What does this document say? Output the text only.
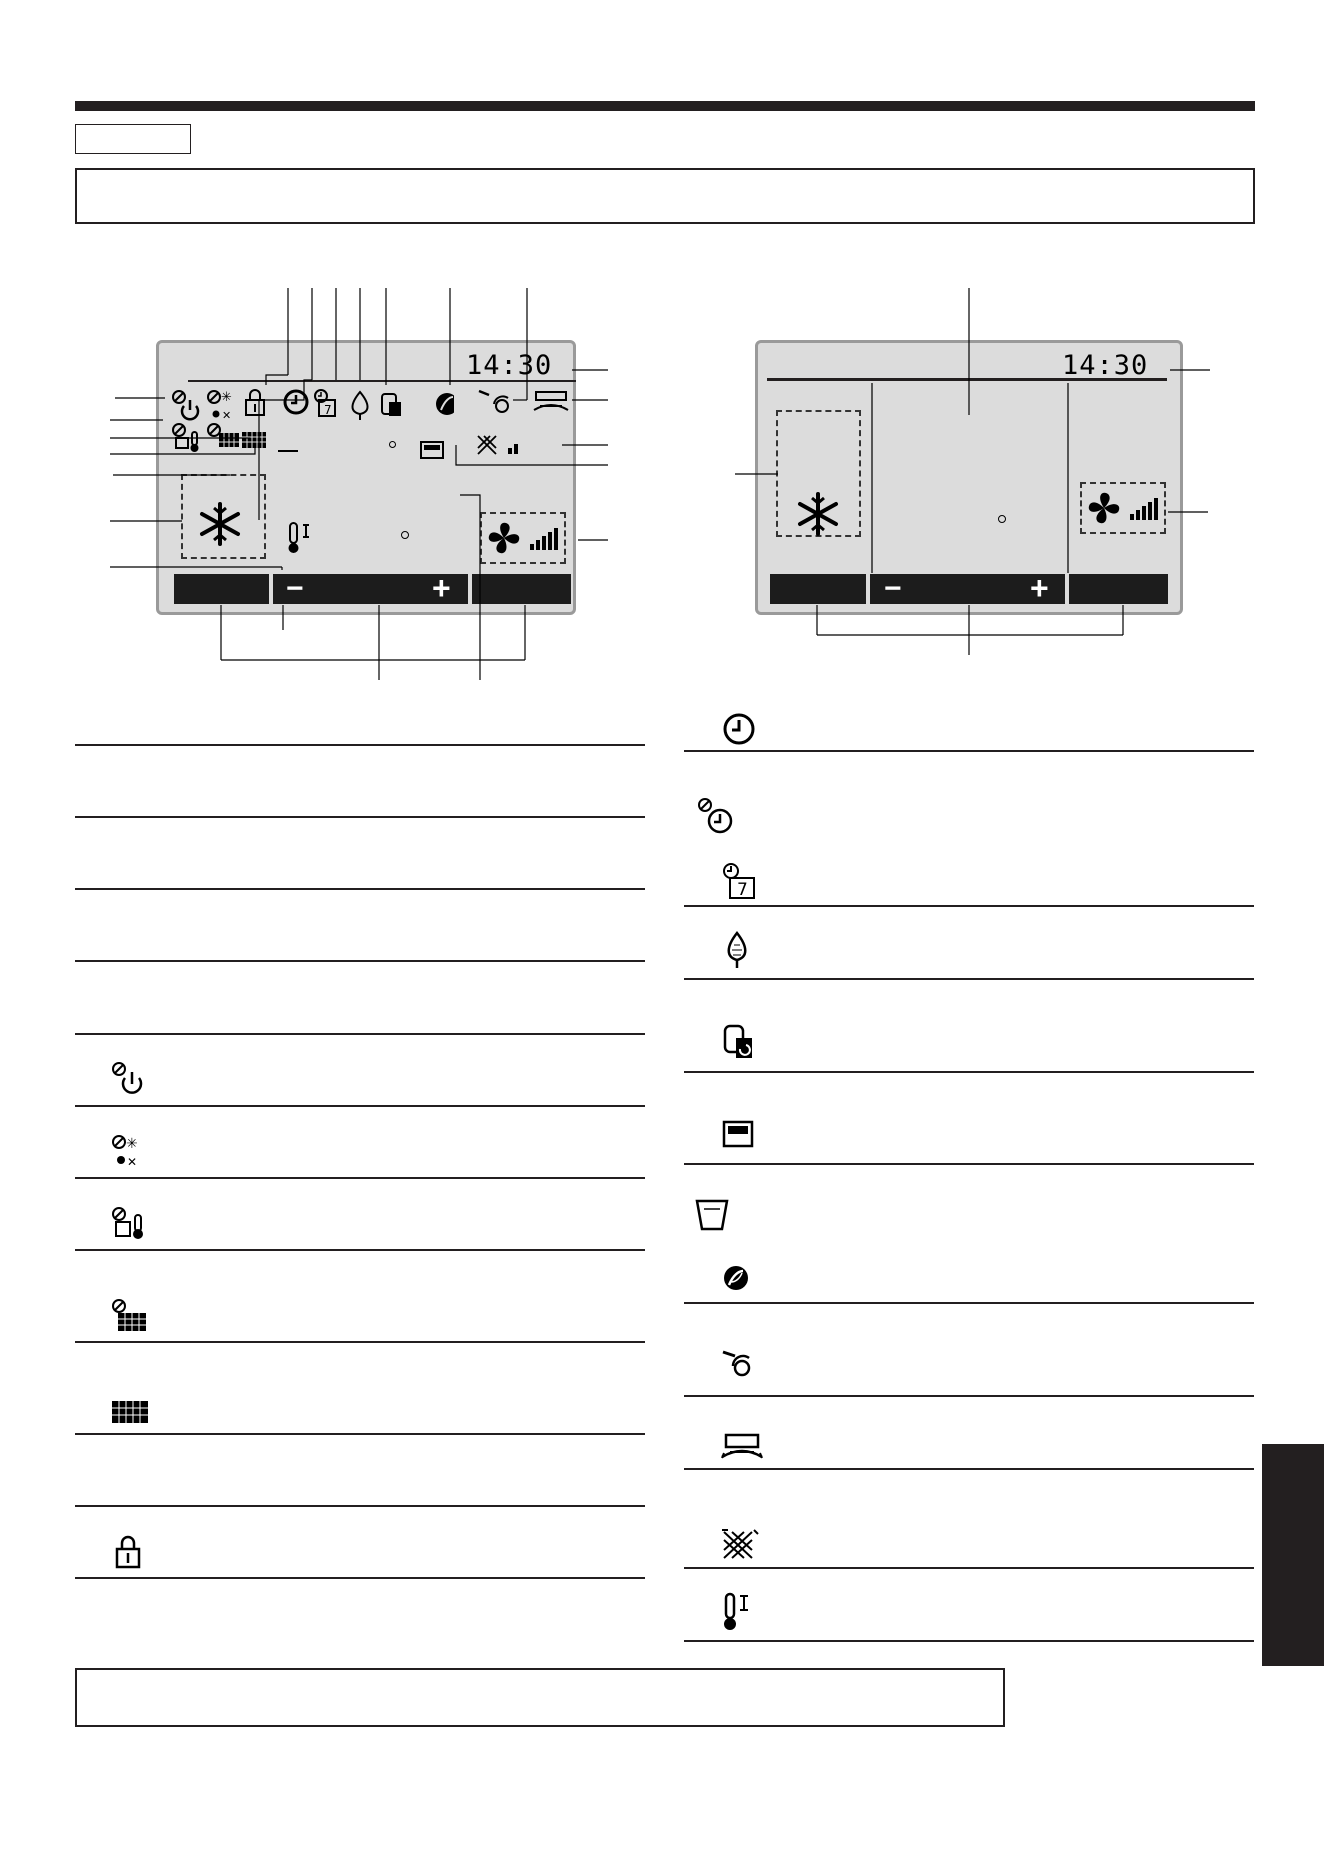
14:30
✳
✕	7
−	+
14:30
−	+
✳
✕
7
